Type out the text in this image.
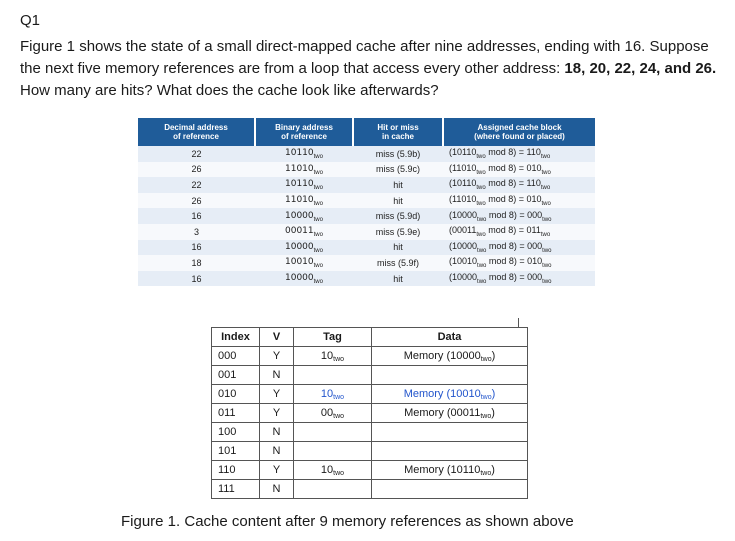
Q1
Figure 1 shows the state of a small direct-mapped cache after nine addresses, ending with 16. Suppose the next five memory references are from a loop that access every other address: 18, 20, 22, 24, and 26. How many are hits? What does the cache look like afterwards?
Decimal address
of reference	Binary address
of reference	Hit or miss
in cache	Assigned cache block
(where found or placed)
22	$10110_{two}$	miss (5.9b)	($10110_{two}$ mod $8) = 110_{two}$
26	$11010_{two}$	miss (5.9c)	($11010_{two}$ mod $8) = 010_{two}$
22	$10110_{two}$	hit	($10110_{two}$ mod $8) = 110_{two}$
26	$11010_{two}$	hit	($11010_{two}$ mod $8) = 010_{two}$
16	$10000_{two}$	miss (5.9d)	($10000_{two}$ mod $8) = 000_{two}$
3	$00011_{two}$	miss (5.9e)	($00011_{two}$ mod $8) = 011_{two}$
16	$10000_{two}$	hit	($10000_{two}$ mod $8) = 000_{two}$
18	$10010_{two}$	miss (5.9f)	($10010_{two}$ mod $8) = 010_{two}$
16	$10000_{two}$	hit	($10000_{two}$ mod $8) = 000_{two}$
Index	V	Tag	Data
000	Y	10two	Memory (10000two)
001	N		
010	Y	10two	Memory (10010two)
011	Y	00two	Memory (00011two)
100	N		
101	N		
110	Y	10two	Memory (10110two)
111	N		
Figure 1. Cache content after 9 memory references as shown above
